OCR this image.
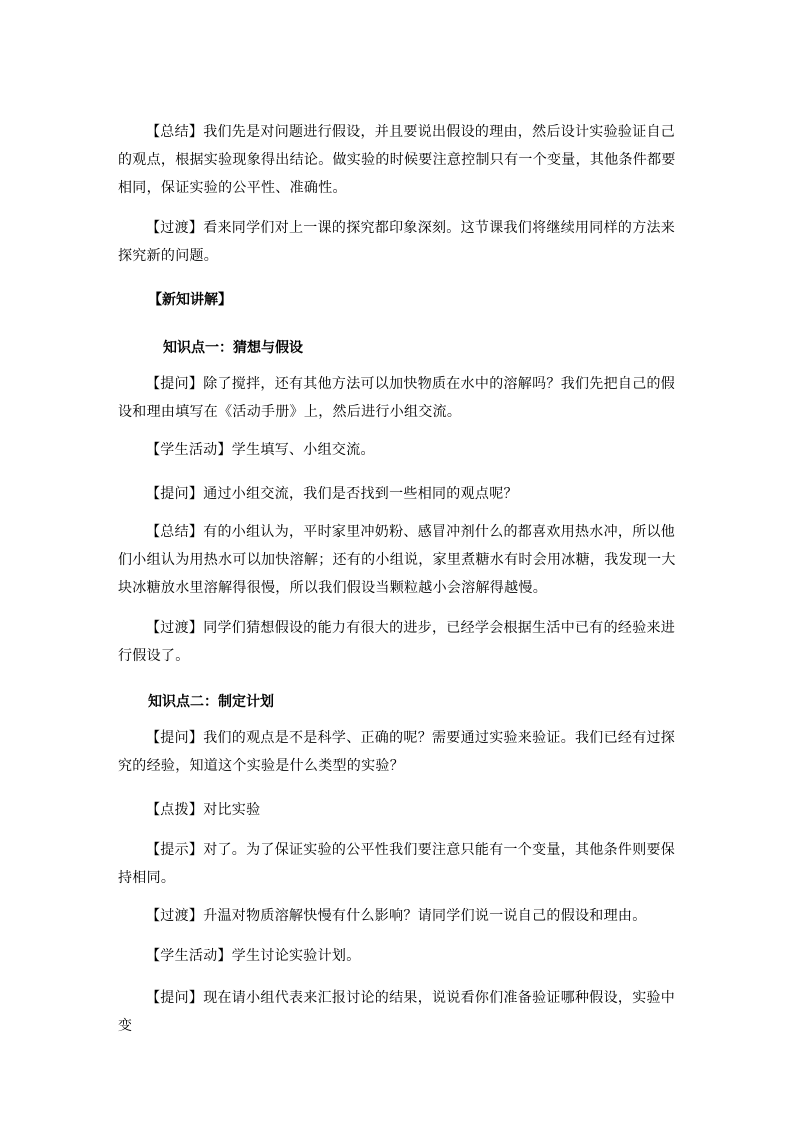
【总结】我们先是对问题进行假设，并且要说出假设的理由，然后设计实验验证自己的观点，根据实验现象得出结论。做实验的时候要注意控制只有一个变量，其他条件都要相同，保证实验的公平性、准确性。

【过渡】看来同学们对上一课的探究都印象深刻。这节课我们将继续用同样的方法来探究新的问题。

【新知讲解】
知识点一：猜想与假设

【提问】除了搅拌，还有其他方法可以加快物质在水中的溶解吗？我们先把自己的假设和理由填写在《活动手册》上，然后进行小组交流。

【学生活动】学生填写、小组交流。

【提问】通过小组交流，我们是否找到一些相同的观点呢？

【总结】有的小组认为，平时家里冲奶粉、感冒冲剂什么的都喜欢用热水冲，所以他们小组认为用热水可以加快溶解；还有的小组说，家里煮糖水有时会用冰糖，我发现一大块冰糖放水里溶解得很慢，所以我们假设当颗粒越小会溶解得越慢。

【过渡】同学们猜想假设的能力有很大的进步，已经学会根据生活中已有的经验来进行假设了。

知识点二：制定计划

【提问】我们的观点是不是科学、正确的呢？需要通过实验来验证。我们已经有过探究的经验，知道这个实验是什么类型的实验？

【点拨】对比实验

【提示】对了。为了保证实验的公平性我们要注意只能有一个变量，其他条件则要保持相同。

【过渡】升温对物质溶解快慢有什么影响？请同学们说一说自己的假设和理由。

【学生活动】学生讨论实验计划。

【提问】现在请小组代表来汇报讨论的结果，说说看你们准备验证哪种假设，实验中变
